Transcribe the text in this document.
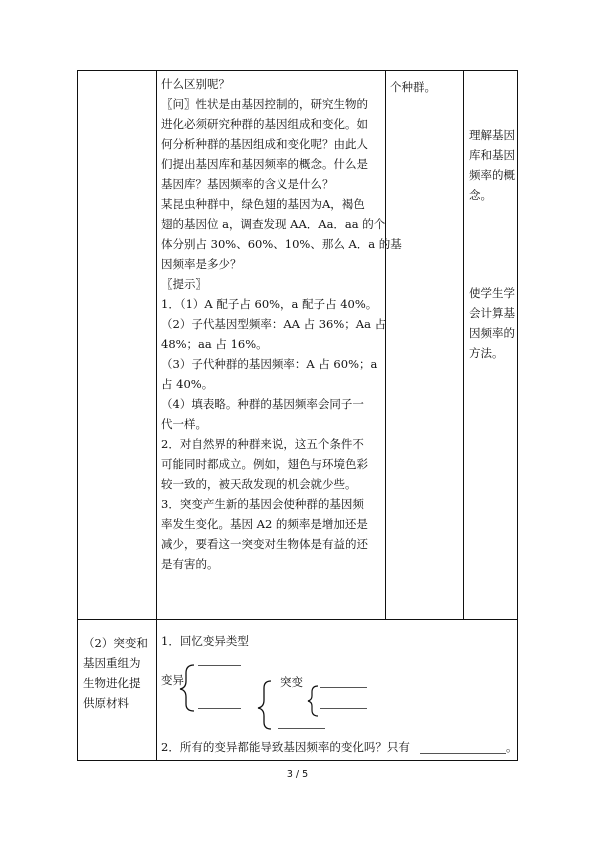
什么区别呢？

〖问〗性状是由基因控制的，研究生物的

进化必须研究种群的基因组成和变化。如

何分析种群的基因组成和变化呢？由此人

们提出基因库和基因频率的概念。什么是

基因库？基因频率的含义是什么？

某昆虫种群中，绿色翅的基因为A，褐色

翅的基因位 a，调查发现 AA．Aa．aa 的个

体分别占 30%、60%、10%、那么 A．a 的基

因频率是多少？

〖提示〗

1．（1）A 配子占 60%，a 配子占 40%。

（2）子代基因型频率：AA 占 36%；Aa 占

48%；aa 占 16%。

（3）子代种群的基因频率：A 占 60%；a

占 40%。

（4）填表略。种群的基因频率会同子一

代一样。

2．对自然界的种群来说，这五个条件不

可能同时都成立。例如，翅色与环境色彩

较一致的，被天敌发现的机会就少些。

3．突变产生新的基因会使种群的基因频

率发生变化。基因 A2 的频率是增加还是

减少，要看这一突变对生物体是有益的还

是有害的。

个种群。
理解基因
库和基因
频率的概
念。
使学生学
会计算基
因频率的
方法。
（2）突变和
基因重组为
生物进化提
供原材料
1．回忆变异类型
变异	突变
2．所有的变异都能导致基因频率的变化吗？只有	。
3 / 5
